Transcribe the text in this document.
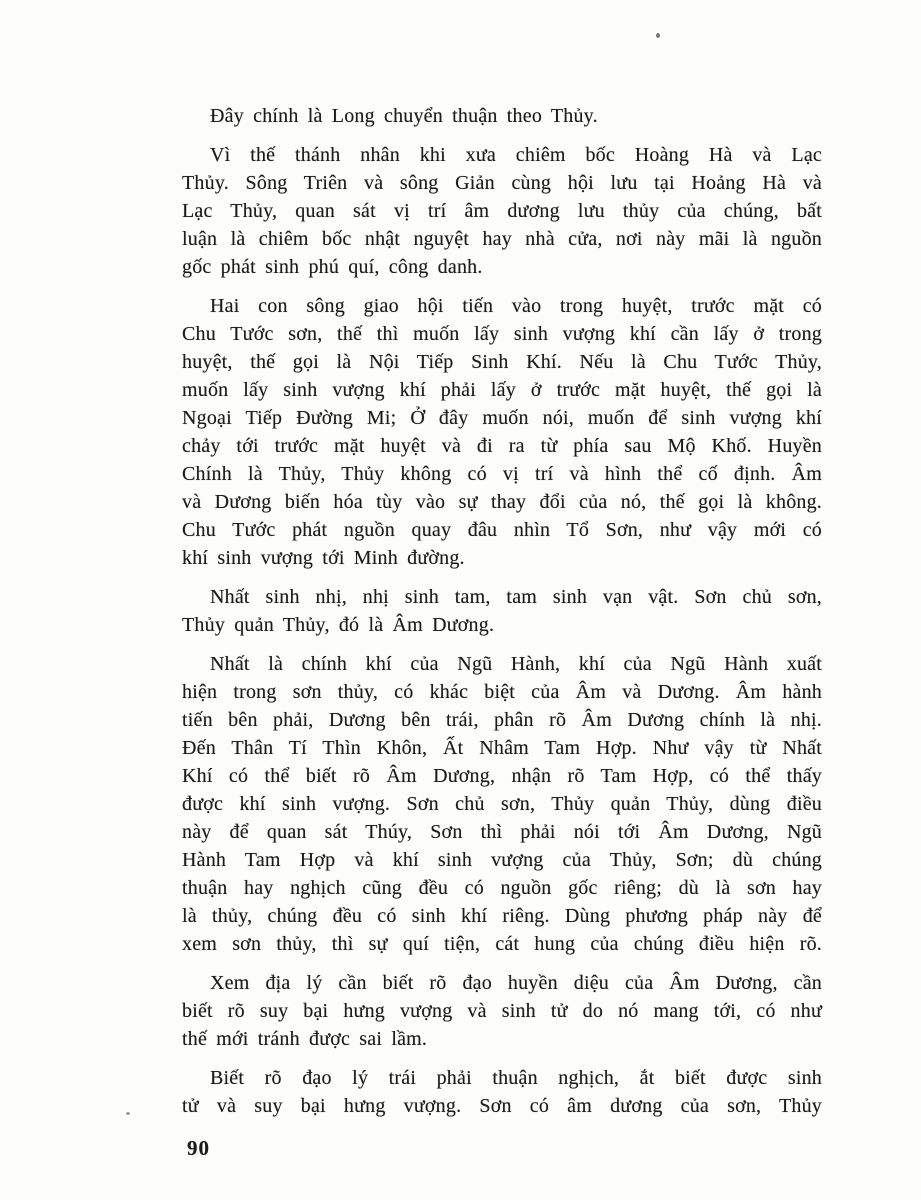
Đây chính là Long chuyển thuận theo Thủy.
Vì thế thánh nhân khi xưa chiêm bốc Hoàng Hà và Lạc
Thủy. Sông Triên và sông Giản cùng hội lưu tại Hoảng Hà và
Lạc Thủy, quan sát vị trí âm dương lưu thủy của chúng, bất
luận là chiêm bốc nhật nguyệt hay nhà cửa, nơi này mãi là nguồn
gốc phát sinh phú quí, công danh.
Hai con sông giao hội tiến vào trong huyệt, trước mặt có
Chu Tước sơn, thế thì muốn lấy sinh vượng khí cần lấy ở trong
huyệt, thế gọi là Nội Tiếp Sinh Khí. Nếu là Chu Tước Thủy,
muốn lấy sinh vượng khí phải lấy ở trước mặt huyệt, thế gọi là
Ngoại Tiếp Đường Mi; Ở đây muốn nói, muốn để sinh vượng khí
chảy tới trước mặt huyệt và đi ra từ phía sau Mộ Khố. Huyền
Chính là Thủy, Thủy không có vị trí và hình thể cố định. Âm
và Dương biến hóa tùy vào sự thay đổi của nó, thế gọi là không.
Chu Tước phát nguồn quay đâu nhìn Tổ Sơn, như vậy mới có
khí sinh vượng tới Minh đường.
Nhất sinh nhị, nhị sinh tam, tam sinh vạn vật. Sơn chủ sơn,
Thủy quản Thủy, đó là Âm Dương.
Nhất là chính khí của Ngũ Hành, khí của Ngũ Hành xuất
hiện trong sơn thủy, có khác biệt của Âm và Dương. Âm hành
tiến bên phải, Dương bên trái, phân rõ Âm Dương chính là nhị.
Đến Thân Tí Thìn Khôn, Ất Nhâm Tam Hợp. Như vậy từ Nhất
Khí có thể biết rõ Âm Dương, nhận rõ Tam Hợp, có thể thấy
được khí sinh vượng. Sơn chủ sơn, Thủy quản Thủy, dùng điều
này để quan sát Thúy, Sơn thì phải nói tới Âm Dương, Ngũ
Hành Tam Hợp và khí sinh vượng của Thủy, Sơn; dù chúng
thuận hay nghịch cũng đều có nguồn gốc riêng; dù là sơn hay
là thủy, chúng đều có sinh khí riêng. Dùng phương pháp này để
xem sơn thủy, thì sự quí tiện, cát hung của chúng điều hiện rõ.
Xem địa lý cần biết rõ đạo huyền diệu của Âm Dương, cần
biết rõ suy bại hưng vượng và sinh tử do nó mang tới, có như
thế mới tránh được sai lầm.
Biết rõ đạo lý trái phải thuận nghịch, ắt biết được sinh
tử và suy bại hưng vượng. Sơn có âm dương của sơn, Thủy
90
